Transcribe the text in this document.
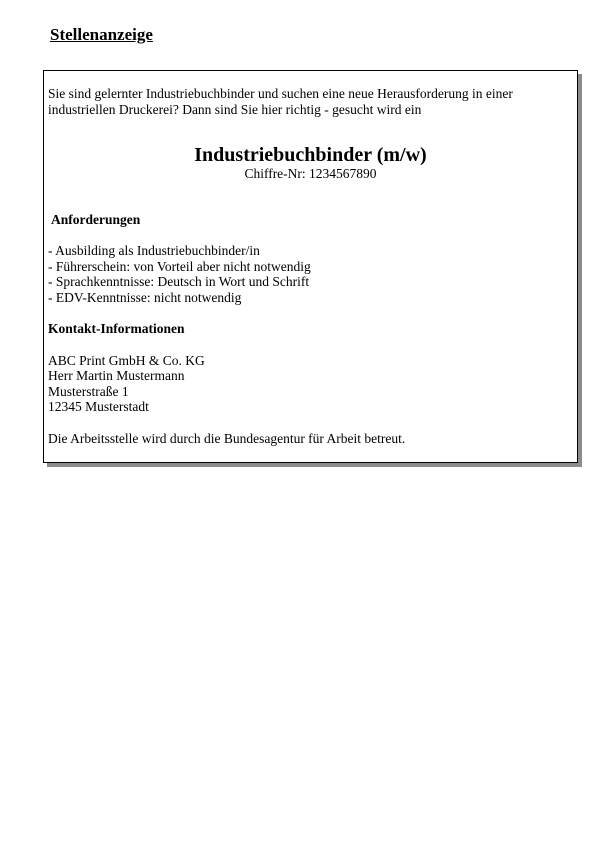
Stellenanzeige

Sie sind gelernter Industriebuchbinder und suchen eine neue Herausforderung in einer industriellen Druckerei? Dann sind Sie hier richtig - gesucht wird ein

Industriebuchbinder (m/w)
Chiffre-Nr: 1234567890
Anforderungen
- Ausbilding als Industriebuchbinder/in
- Führerschein: von Vorteil aber nicht notwendig
- Sprachkenntnisse: Deutsch in Wort und Schrift
- EDV-Kenntnisse: nicht notwendig
Kontakt-Informationen
ABC Print GmbH & Co. KG
Herr Martin Mustermann
Musterstraße 1
12345 Musterstadt

Die Arbeitsstelle wird durch die Bundesagentur für Arbeit betreut.
